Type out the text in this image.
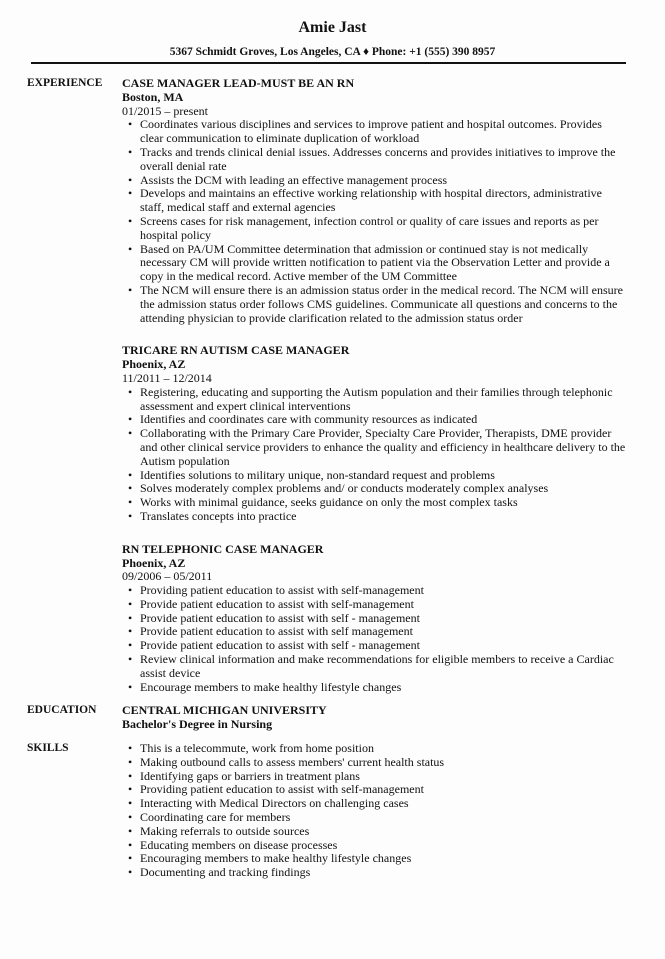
Amie Jast
5367 Schmidt Groves, Los Angeles, CA ♦ Phone: +1 (555) 390 8957
EXPERIENCE CASE MANAGER LEAD-MUST BE AN RN
Boston, MA
01/2015 – present
• Coordinates various disciplines and services to improve patient and hospital outcomes. Provides clear communication to eliminate duplication of workload
• Tracks and trends clinical denial issues. Addresses concerns and provides initiatives to improve the overall denial rate
• Assists the DCM with leading an effective management process
• Develops and maintains an effective working relationship with hospital directors, administrative staff, medical staff and external agencies
• Screens cases for risk management, infection control or quality of care issues and reports as per hospital policy
• Based on PA/UM Committee determination that admission or continued stay is not medically necessary CM will provide written notification to patient via the Observation Letter and provide a copy in the medical record. Active member of the UM Committee
• The NCM will ensure there is an admission status order in the medical record. The NCM will ensure the admission status order follows CMS guidelines. Communicate all questions and concerns to the attending physician to provide clarification related to the admission status order
TRICARE RN AUTISM CASE MANAGER
Phoenix, AZ
11/2011 – 12/2014
• Registering, educating and supporting the Autism population and their families through telephonic assessment and expert clinical interventions
• Identifies and coordinates care with community resources as indicated
• Collaborating with the Primary Care Provider, Specialty Care Provider, Therapists, DME provider and other clinical service providers to enhance the quality and efficiency in healthcare delivery to the Autism population
• Identifies solutions to military unique, non-standard request and problems
• Solves moderately complex problems and/ or conducts moderately complex analyses
• Works with minimal guidance, seeks guidance on only the most complex tasks
• Translates concepts into practice
RN TELEPHONIC CASE MANAGER
Phoenix, AZ
09/2006 – 05/2011
• Providing patient education to assist with self-management
• Provide patient education to assist with self-management
• Provide patient education to assist with self - management
• Provide patient education to assist with self management
• Provide patient education to assist with self - management
• Review clinical information and make recommendations for eligible members to receive a Cardiac assist device
• Encourage members to make healthy lifestyle changes
EDUCATION CENTRAL MICHIGAN UNIVERSITY
Bachelor's Degree in Nursing
SKILLS	• This is a telecommute, work from home position
• Making outbound calls to assess members' current health status
• Identifying gaps or barriers in treatment plans
• Providing patient education to assist with self-management
• Interacting with Medical Directors on challenging cases
• Coordinating care for members
• Making referrals to outside sources
• Educating members on disease processes
• Encouraging members to make healthy lifestyle changes
• Documenting and tracking findings
